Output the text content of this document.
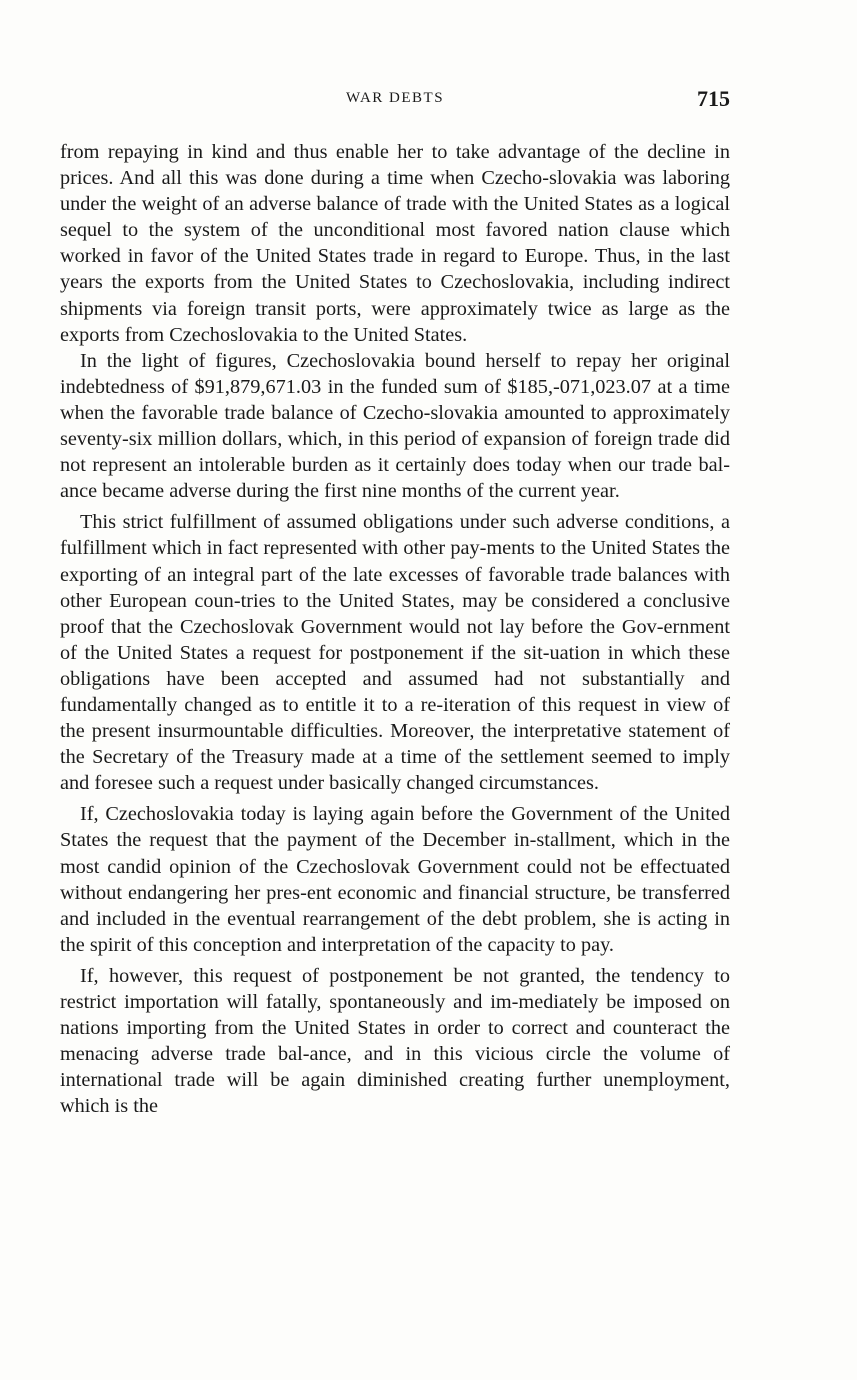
WAR DEBTS	715

from repaying in kind and thus enable her to take advantage of the decline in prices. And all this was done during a time when Czecho-slovakia was laboring under the weight of an adverse balance of trade with the United States as a logical sequel to the system of the unconditional most favored nation clause which worked in favor of the United States trade in regard to Europe. Thus, in the last years the exports from the United States to Czechoslovakia, including indirect shipments via foreign transit ports, were approximately twice as large as the exports from Czechoslovakia to the United States.

In the light of figures, Czechoslovakia bound herself to repay her original indebtedness of $91,879,671.03 in the funded sum of $185,-071,023.07 at a time when the favorable trade balance of Czecho-slovakia amounted to approximately seventy-six million dollars, which, in this period of expansion of foreign trade did not represent an intolerable burden as it certainly does today when our trade bal-ance became adverse during the first nine months of the current year.

This strict fulfillment of assumed obligations under such adverse conditions, a fulfillment which in fact represented with other pay-ments to the United States the exporting of an integral part of the late excesses of favorable trade balances with other European coun-tries to the United States, may be considered a conclusive proof that the Czechoslovak Government would not lay before the Gov-ernment of the United States a request for postponement if the sit-uation in which these obligations have been accepted and assumed had not substantially and fundamentally changed as to entitle it to a re-iteration of this request in view of the present insurmountable difficulties. Moreover, the interpretative statement of the Secretary of the Treasury made at a time of the settlement seemed to imply and foresee such a request under basically changed circumstances.

If, Czechoslovakia today is laying again before the Government of the United States the request that the payment of the December in-stallment, which in the most candid opinion of the Czechoslovak Government could not be effectuated without endangering her pres-ent economic and financial structure, be transferred and included in the eventual rearrangement of the debt problem, she is acting in the spirit of this conception and interpretation of the capacity to pay.

If, however, this request of postponement be not granted, the tendency to restrict importation will fatally, spontaneously and im-mediately be imposed on nations importing from the United States in order to correct and counteract the menacing adverse trade bal-ance, and in this vicious circle the volume of international trade will be again diminished creating further unemployment, which is the
